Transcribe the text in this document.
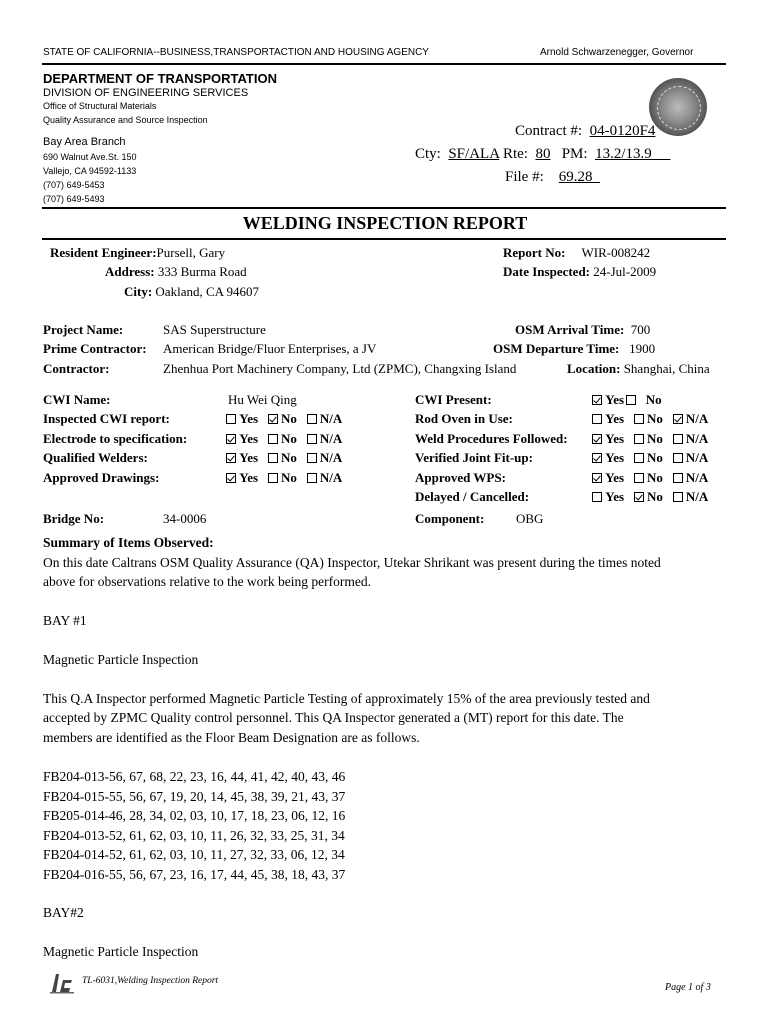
STATE OF CALIFORNIA--BUSINESS,TRANSPORTACTION AND HOUSING AGENCY	Arnold Schwarzenegger, Governor
DEPARTMENT OF TRANSPORTATION
DIVISION OF ENGINEERING SERVICES
Office of Structural Materials
Quality Assurance and Source Inspection
Bay Area Branch
690 Walnut Ave.St. 150
Vallejo, CA 94592-1133
(707) 649-5453
(707) 649-5493
Contract #: 04-0120F4
Cty: SF/ALA Rte: 80 PM: 13.2/13.9
File #: 69.28
WELDING INSPECTION REPORT
Resident Engineer:Pursell, Gary
Address: 333 Burma Road
City: Oakland, CA 94607
Report No: WIR-008242
Date Inspected: 24-Jul-2009
Project Name:	SAS Superstructure
Prime Contractor: American Bridge/Fluor Enterprises, a JV
Contractor:	Zhenhua Port Machinery Company, Ltd (ZPMC), Changxing Island
OSM Arrival Time: 700
OSM Departure Time: 1900
Location: Shanghai, China
CWI Name:	Hu Wei Qing
Inspected CWI report:	Yes No N/A
Electrode to specification:	Yes No N/A
Qualified Welders:	Yes No N/A
Approved Drawings:	Yes No N/A
CWI Present:	Yes No
Rod Oven in Use:	Yes No N/A
Weld Procedures Followed:	Yes No N/A
Verified Joint Fit-up:	Yes No N/A
Approved WPS:	Yes No N/A
Delayed / Cancelled:	Yes No N/A
Bridge No:	34-0006	Component: OBG
Summary of Items Observed:
On this date Caltrans OSM Quality Assurance (QA) Inspector, Utekar Shrikant was present during the times noted
above for observations relative to the work being performed.
BAY #1
Magnetic Particle Inspection
This Q.A Inspector performed Magnetic Particle Testing of approximately 15% of the area previously tested and
accepted by ZPMC Quality control personnel. This QA Inspector generated a (MT) report for this date. The
members are identified as the Floor Beam Designation are as follows.
FB204-013-56, 67, 68, 22, 23, 16, 44, 41, 42, 40, 43, 46
FB204-015-55, 56, 67, 19, 20, 14, 45, 38, 39, 21, 43, 37
FB205-014-46, 28, 34, 02, 03, 10, 17, 18, 23, 06, 12, 16
FB204-013-52, 61, 62, 03, 10, 11, 26, 32, 33, 25, 31, 34
FB204-014-52, 61, 62, 03, 10, 11, 27, 32, 33, 06, 12, 34
FB204-016-55, 56, 67, 23, 16, 17, 44, 45, 38, 18, 43, 37
BAY#2
Magnetic Particle Inspection
TL-6031,Welding Inspection Report
Page 1 of 3
